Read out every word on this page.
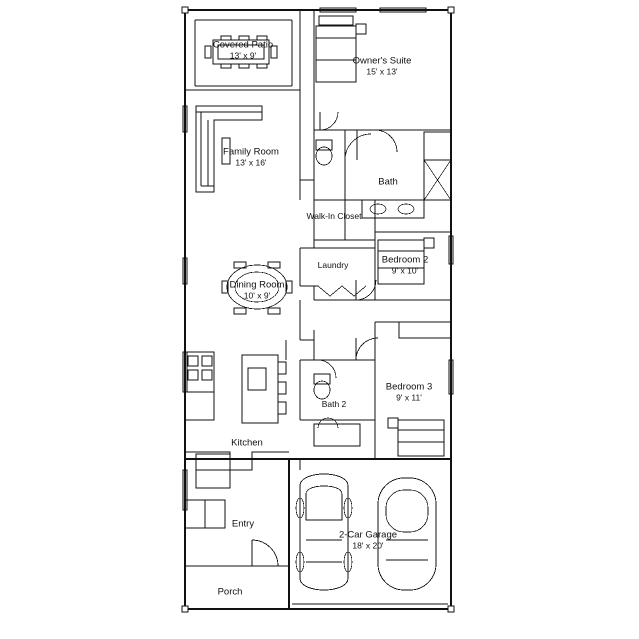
Covered Patio
13' x 9'	Owner's Suite
15' x 13'
Family Room
13' x 16'
Bath
Walk-In Closet
Bedroom 2
9' x 10'
Laundry
Dining Room
10' x 9'
Bedroom 3
9' x 11'
Bath 2
Kitchen
2-Car Garage
18' x 20'
Entry
Porch
